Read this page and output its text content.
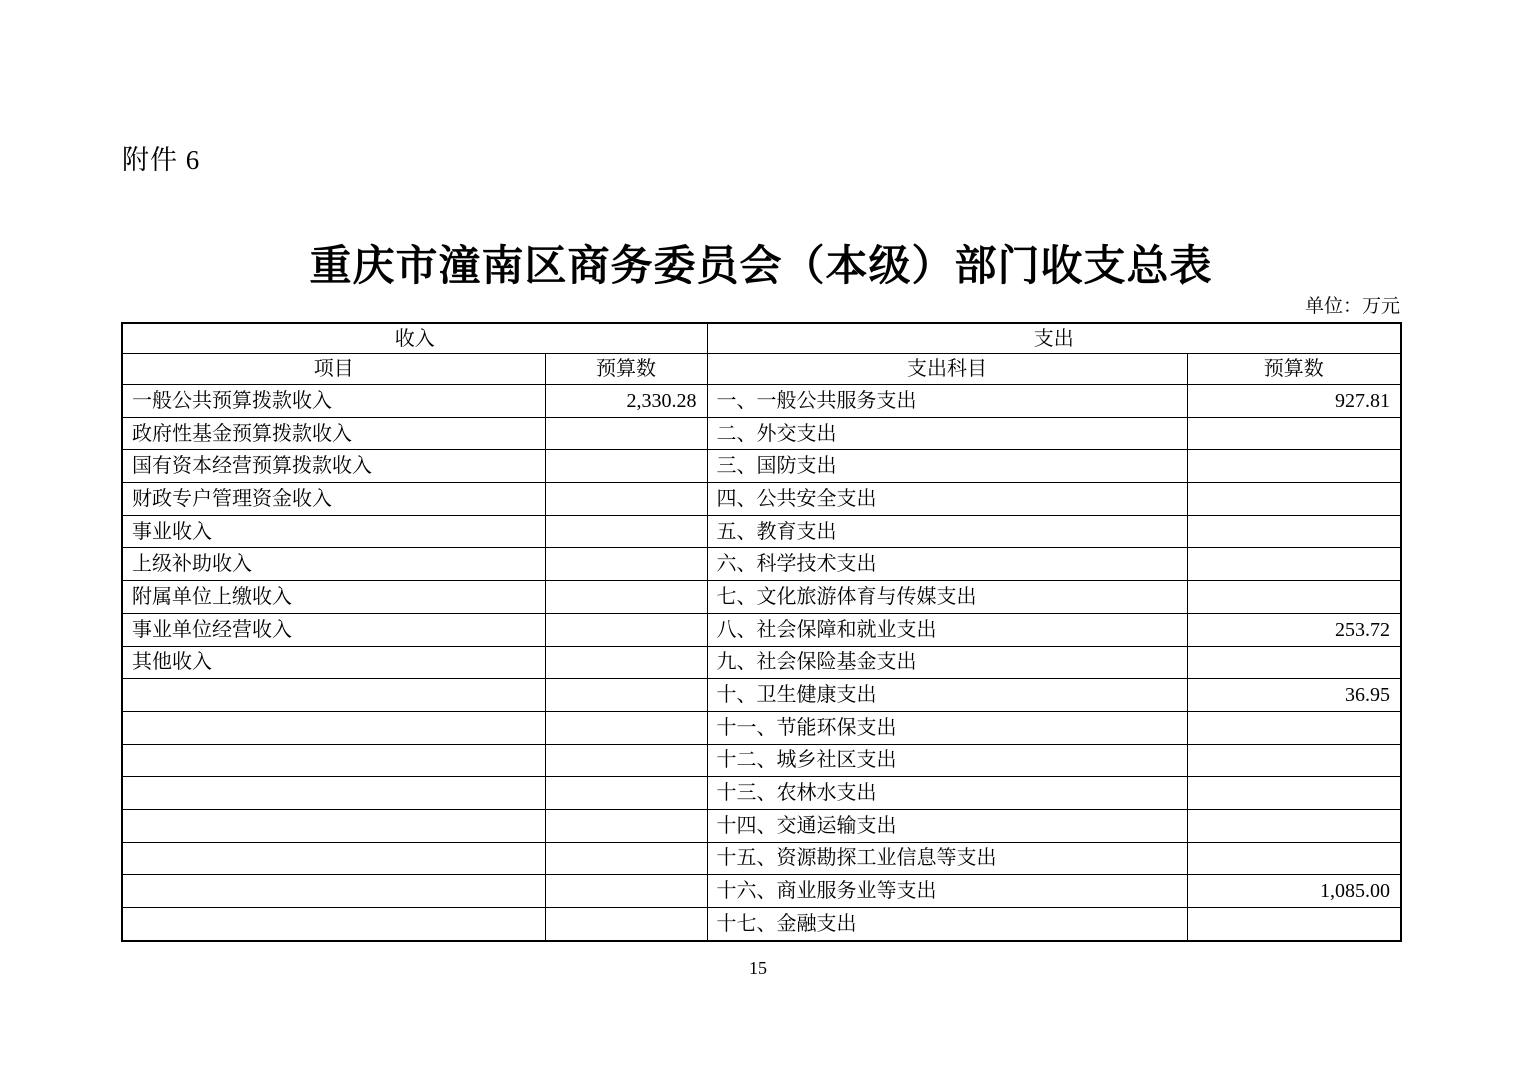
附件 6
重庆市潼南区商务委员会（本级）部门收支总表
单位：万元
收入		支出	
项目	预算数	支出科目	预算数
一般公共预算拨款收入	2,330.28	一、一般公共服务支出	927.81
政府性基金预算拨款收入		二、外交支出	
国有资本经营预算拨款收入		三、国防支出	
财政专户管理资金收入		四、公共安全支出	
事业收入		五、教育支出	
上级补助收入		六、科学技术支出	
附属单位上缴收入		七、文化旅游体育与传媒支出	
事业单位经营收入		八、社会保障和就业支出	253.72
其他收入		九、社会保险基金支出	
		十、卫生健康支出	36.95
		十一、节能环保支出	
		十二、城乡社区支出	
		十三、农林水支出	
		十四、交通运输支出	
		十五、资源勘探工业信息等支出	
		十六、商业服务业等支出	1,085.00
		十七、金融支出	
15
